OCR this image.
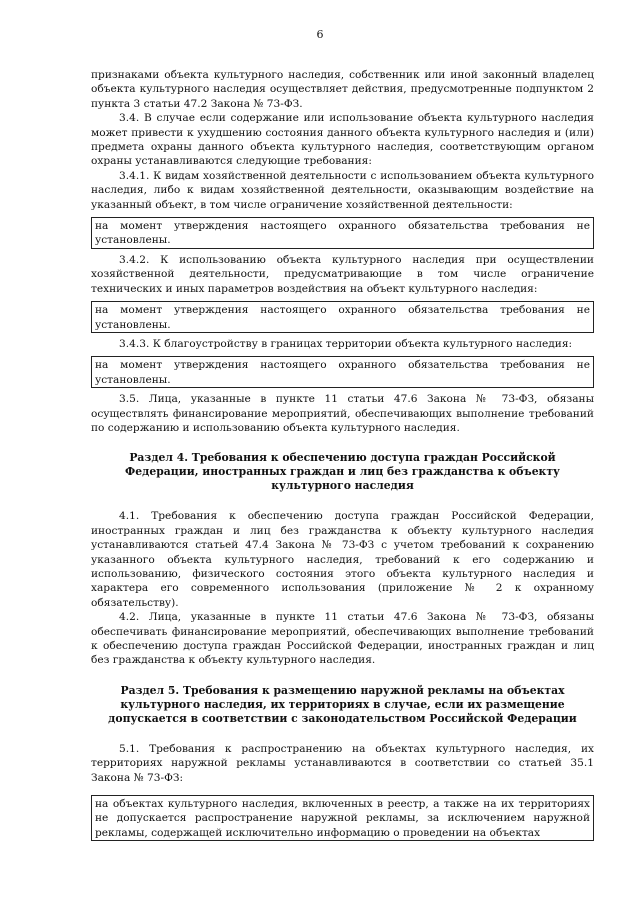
6

признаками объекта культурного наследия, собственник или иной законный владелец объекта культурного наследия осуществляет действия, предусмотренные подпунктом 2 пункта 3 статьи 47.2 Закона № 73-ФЗ.

3.4. В случае если содержание или использование объекта культурного наследия может привести к ухудшению состояния данного объекта культурного наследия и (или) предмета охраны данного объекта культурного наследия, соответствующим органом охраны устанавливаются следующие требования:

3.4.1. К видам хозяйственной деятельности с использованием объекта культурного наследия, либо к видам хозяйственной деятельности, оказывающим воздействие на указанный объект, в том числе ограничение хозяйственной деятельности:

на момент утверждения настоящего охранного обязательства требования не установлены.

3.4.2. К использованию объекта культурного наследия при осуществлении хозяйственной деятельности, предусматривающие в том числе ограничение технических и иных параметров воздействия на объект культурного наследия:

на момент утверждения настоящего охранного обязательства требования не установлены.

3.4.3. К благоустройству в границах территории объекта культурного наследия:

на момент утверждения настоящего охранного обязательства требования не установлены.

3.5. Лица, указанные в пункте 11 статьи 47.6 Закона № 73-ФЗ, обязаны осуществлять финансирование мероприятий, обеспечивающих выполнение требований по содержанию и использованию объекта культурного наследия.

Раздел 4. Требования к обеспечению доступа граждан Российской Федерации, иностранных граждан и лиц без гражданства к объекту культурного наследия

4.1. Требования к обеспечению доступа граждан Российской Федерации, иностранных граждан и лиц без гражданства к объекту культурного наследия устанавливаются статьей 47.4 Закона № 73-ФЗ с учетом требований к сохранению указанного объекта культурного наследия, требований к его содержанию и использованию, физического состояния этого объекта культурного наследия и характера его современного использования (приложение № 2 к охранному обязательству).

4.2. Лица, указанные в пункте 11 статьи 47.6 Закона № 73-ФЗ, обязаны обеспечивать финансирование мероприятий, обеспечивающих выполнение требований к обеспечению доступа граждан Российской Федерации, иностранных граждан и лиц без гражданства к объекту культурного наследия.

Раздел 5. Требования к размещению наружной рекламы на объектах культурного наследия, их территориях в случае, если их размещение допускается в соответствии с законодательством Российской Федерации

5.1. Требования к распространению на объектах культурного наследия, их территориях наружной рекламы устанавливаются в соответствии со статьей 35.1 Закона № 73-ФЗ:

на объектах культурного наследия, включенных в реестр, а также на их территориях не допускается распространение наружной рекламы, за исключением наружной рекламы, содержащей исключительно информацию о проведении на объектах
